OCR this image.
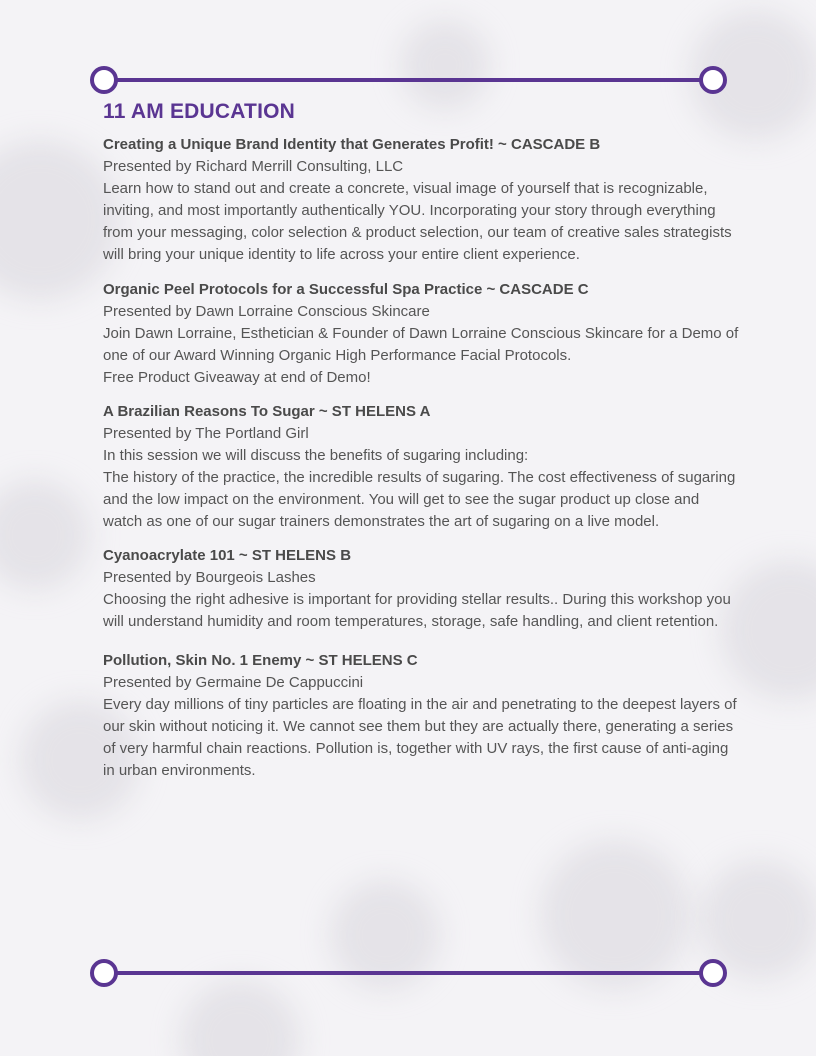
11 AM EDUCATION
Creating a Unique Brand Identity that Generates Profit! ~ CASCADE B
Presented by Richard Merrill Consulting, LLC
Learn how to stand out and create a concrete, visual image of yourself that is recognizable, inviting, and most importantly authentically YOU. Incorporating your story through everything from your messaging, color selection & product selection, our team of creative sales strategists will bring your unique identity to life across your entire client experience.
Organic Peel Protocols for a Successful Spa Practice ~ CASCADE C
Presented by Dawn Lorraine Conscious Skincare
Join Dawn Lorraine, Esthetician & Founder of Dawn Lorraine Conscious Skincare for a Demo of one of our Award Winning Organic High Performance Facial Protocols.
Free Product Giveaway at end of Demo!
A Brazilian Reasons To Sugar ~ ST HELENS A
Presented by The Portland Girl
In this session we will discuss the benefits of sugaring including:
The history of the practice, the incredible results of sugaring. The cost effectiveness of sugaring and the low impact on the environment. You will get to see the sugar product up close and watch as one of our sugar trainers demonstrates the art of sugaring on a live model.
Cyanoacrylate 101 ~ ST HELENS B
Presented by Bourgeois Lashes
Choosing the right adhesive is important for providing stellar results.. During this workshop you will understand humidity and room temperatures, storage, safe handling, and client retention.
Pollution, Skin No. 1 Enemy ~ ST HELENS C
Presented by Germaine De Cappuccini
Every day millions of tiny particles are floating in the air and penetrating to the deepest layers of our skin without noticing it. We cannot see them but they are actually there, generating a series of very harmful chain reactions. Pollution is, together with UV rays, the first cause of anti-aging in urban environments.
